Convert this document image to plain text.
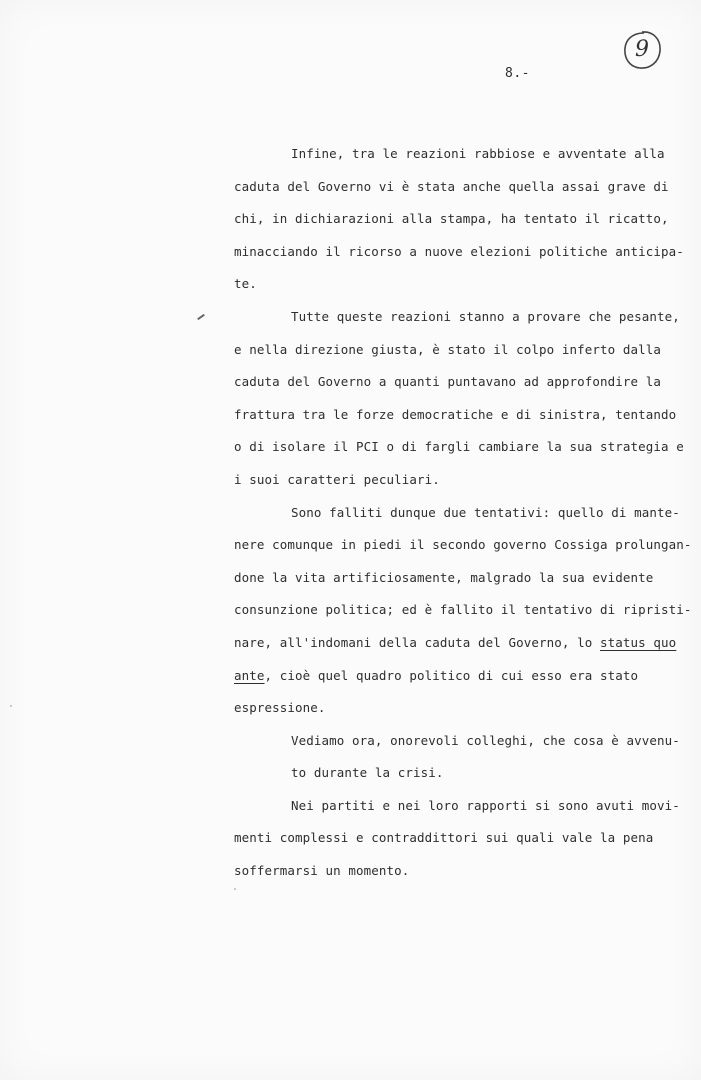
9
8.-
Infine, tra le reazioni rabbiose e avventate alla
caduta del Governo vi è stata anche quella assai grave di
chi, in dichiarazioni alla stampa, ha tentato il ricatto,
minacciando il ricorso a nuove elezioni politiche anticipa-
te.
Tutte queste reazioni stanno a provare che pesante,
e nella direzione giusta, è stato il colpo inferto dalla
caduta del Governo a quanti puntavano ad approfondire la
frattura tra le forze democratiche e di sinistra, tentando
o di isolare il PCI o di fargli cambiare la sua strategia e
i suoi caratteri peculiari.
Sono falliti dunque due tentativi: quello di mante-
nere comunque in piedi il secondo governo Cossiga prolungan-
done la vita artificiosamente, malgrado la sua evidente
consunzione politica; ed è fallito il tentativo di ripristi-
nare, all'indomani della caduta del Governo, lo status quo
ante, cioè quel quadro politico di cui esso era stato
espressione.
Vediamo ora, onorevoli colleghi, che cosa è avvenu-
to durante la crisi.
Nei partiti e nei loro rapporti si sono avuti movi-
menti complessi e contraddittori sui quali vale la pena
soffermarsi un momento.
